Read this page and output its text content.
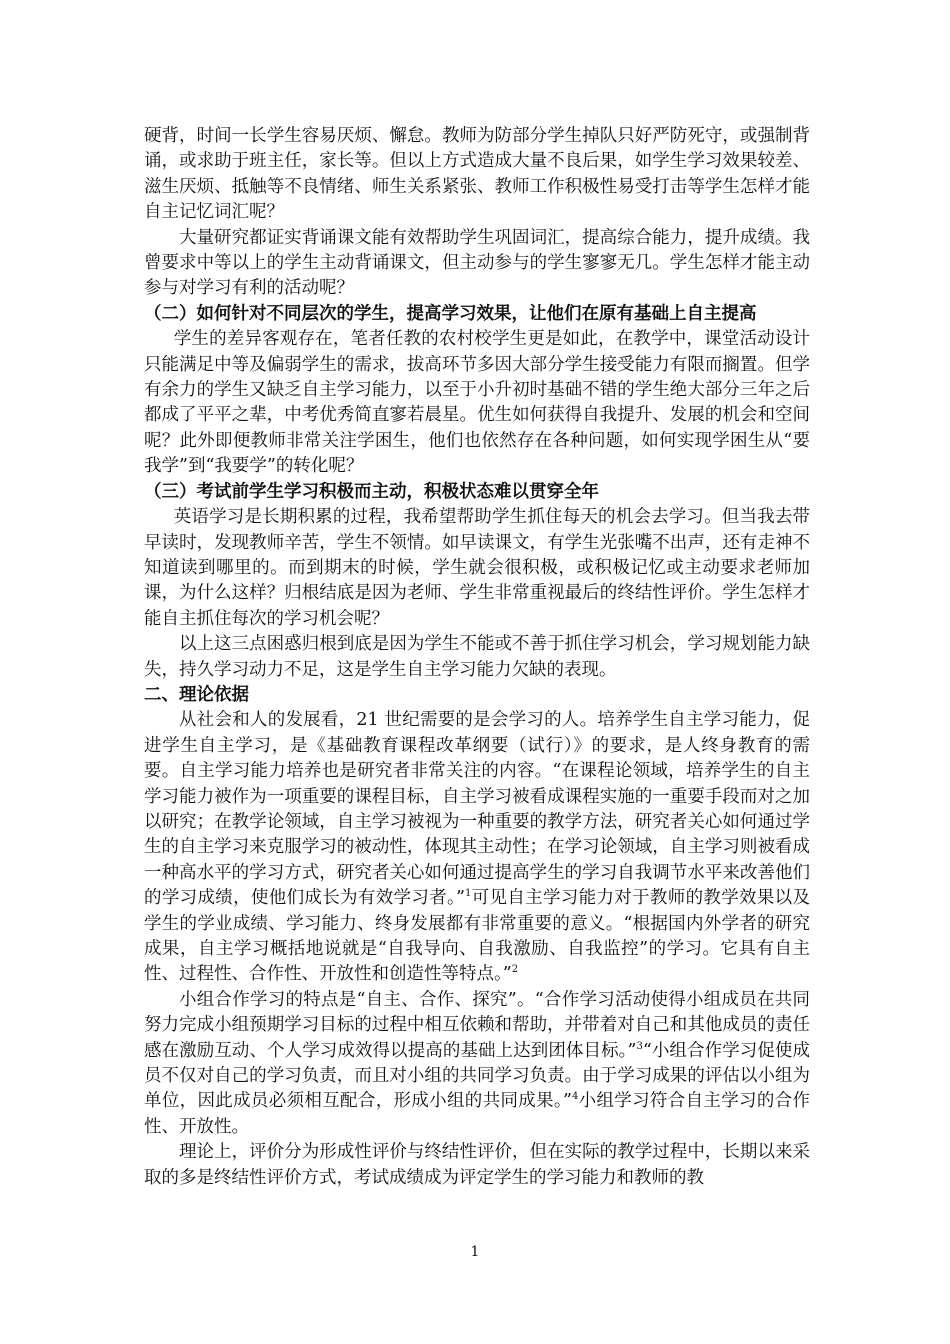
硬背，时间一长学生容易厌烦、懈怠。教师为防部分学生掉队只好严防死守，或强制背诵，或求助于班主任，家长等。但以上方式造成大量不良后果，如学生学习效果较差、滋生厌烦、抵触等不良情绪、师生关系紧张、教师工作积极性易受打击等学生怎样才能自主记忆词汇呢？

大量研究都证实背诵课文能有效帮助学生巩固词汇，提高综合能力，提升成绩。我曾要求中等以上的学生主动背诵课文，但主动参与的学生寥寥无几。学生怎样才能主动参与对学习有利的活动呢？

（二）如何针对不同层次的学生，提高学习效果，让他们在原有基础上自主提高

学生的差异客观存在，笔者任教的农村校学生更是如此，在教学中，课堂活动设计只能满足中等及偏弱学生的需求，拔高环节多因大部分学生接受能力有限而搁置。但学有余力的学生又缺乏自主学习能力，以至于小升初时基础不错的学生绝大部分三年之后都成了平平之辈，中考优秀简直寥若晨星。优生如何获得自我提升、发展的机会和空间呢？此外即便教师非常关注学困生，他们也依然存在各种问题，如何实现学困生从“要我学”到“我要学”的转化呢？

（三）考试前学生学习积极而主动，积极状态难以贯穿全年

英语学习是长期积累的过程，我希望帮助学生抓住每天的机会去学习。但当我去带早读时，发现教师辛苦，学生不领情。如早读课文，有学生光张嘴不出声，还有走神不知道读到哪里的。而到期末的时候，学生就会很积极，或积极记忆或主动要求老师加课，为什么这样？归根结底是因为老师、学生非常重视最后的终结性评价。学生怎样才能自主抓住每次的学习机会呢？

以上这三点困惑归根到底是因为学生不能或不善于抓住学习机会，学习规划能力缺失，持久学习动力不足，这是学生自主学习能力欠缺的表现。

二、理论依据

从社会和人的发展看，21 世纪需要的是会学习的人。培养学生自主学习能力，促进学生自主学习，是《基础教育课程改革纲要（试行）》的要求，是人终身教育的需要。自主学习能力培养也是研究者非常关注的内容。“在课程论领域，培养学生的自主学习能力被作为一项重要的课程目标，自主学习被看成课程实施的一重要手段而对之加以研究；在教学论领域，自主学习被视为一种重要的教学方法，研究者关心如何通过学生的自主学习来克服学习的被动性，体现其主动性；在学习论领域，自主学习则被看成一种高水平的学习方式，研究者关心如何通过提高学生的学习自我调节水平来改善他们的学习成绩，使他们成长为有效学习者。”$^1$可见自主学习能力对于教师的教学效果以及学生的学业成绩、学习能力、终身发展都有非常重要的意义。“根据国内外学者的研究成果，自主学习概括地说就是“自我导向、自我激励、自我监控”的学习。它具有自主性、过程性、合作性、开放性和创造性等特点。”$^2$

小组合作学习的特点是“自主、合作、探究”。“合作学习活动使得小组成员在共同努力完成小组预期学习目标的过程中相互依赖和帮助，并带着对自己和其他成员的责任感在激励互动、个人学习成效得以提高的基础上达到团体目标。”$^3$“小组合作学习促使成员不仅对自己的学习负责，而且对小组的共同学习负责。由于学习成果的评估以小组为单位，因此成员必须相互配合，形成小组的共同成果。”$^4$小组学习符合自主学习的合作性、开放性。

理论上，评价分为形成性评价与终结性评价，但在实际的教学过程中，长期以来采取的多是终结性评价方式，考试成绩成为评定学生的学习能力和教师的教

1
